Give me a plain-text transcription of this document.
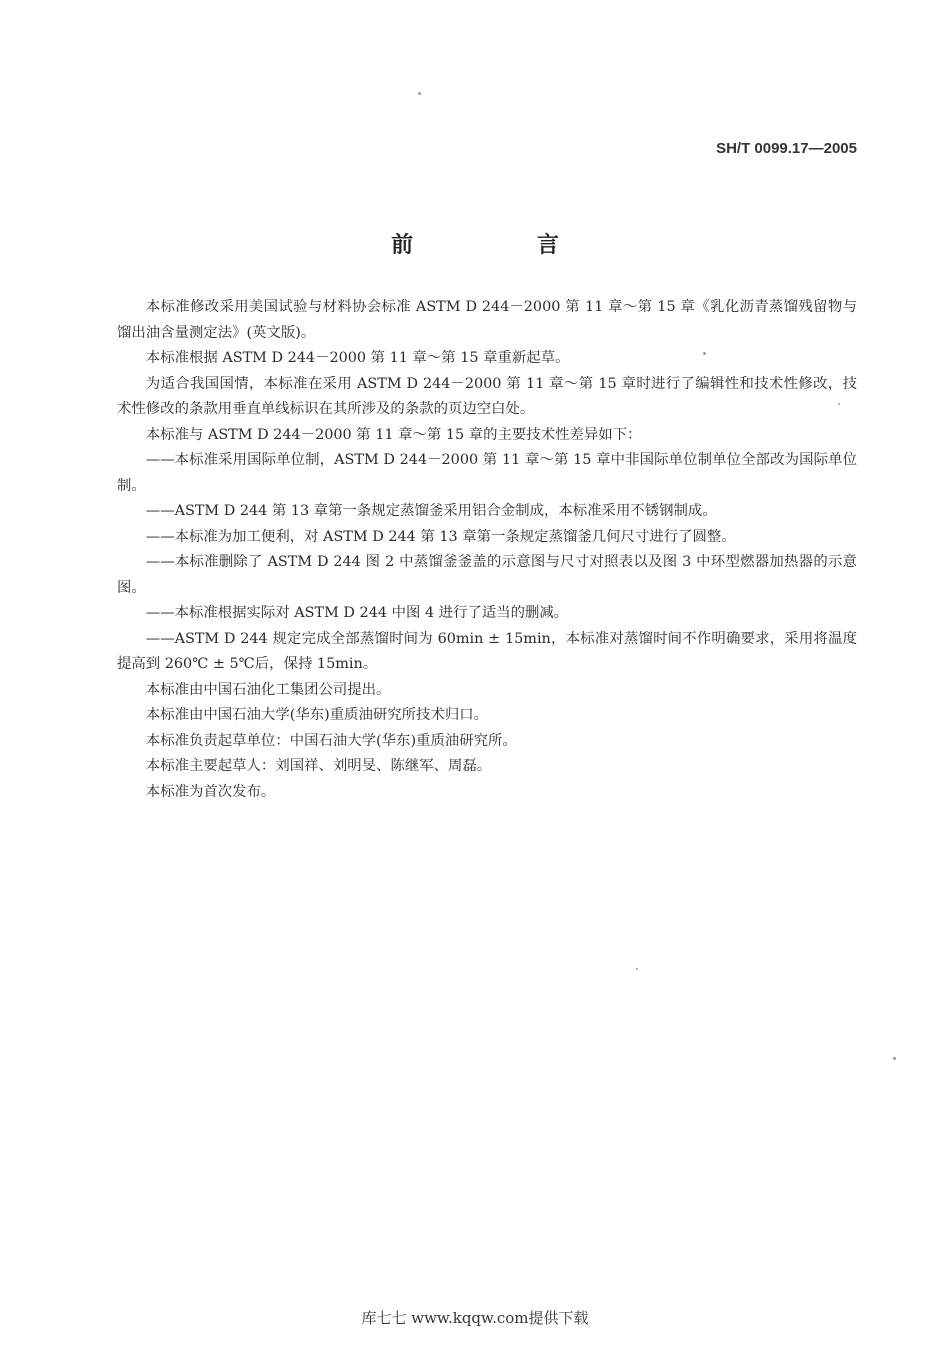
SH/T 0099.17—2005
前 言

本标准修改采用美国试验与材料协会标准 ASTM D 244－2000 第 11 章～第 15 章《乳化沥青蒸馏残留物与馏出油含量测定法》(英文版)。

本标准根据 ASTM D 244－2000 第 11 章～第 15 章重新起草。

为适合我国国情，本标准在采用 ASTM D 244－2000 第 11 章～第 15 章时进行了编辑性和技术性修改，技术性修改的条款用垂直单线标识在其所涉及的条款的页边空白处。

本标准与 ASTM D 244－2000 第 11 章～第 15 章的主要技术性差异如下：

——本标准采用国际单位制，ASTM D 244－2000 第 11 章～第 15 章中非国际单位制单位全部改为国际单位制。

——ASTM D 244 第 13 章第一条规定蒸馏釜采用铝合金制成，本标准采用不锈钢制成。

——本标准为加工便利，对 ASTM D 244 第 13 章第一条规定蒸馏釜几何尺寸进行了圆整。

——本标准删除了 ASTM D 244 图 2 中蒸馏釜釜盖的示意图与尺寸对照表以及图 3 中环型燃器加热器的示意图。

——本标准根据实际对 ASTM D 244 中图 4 进行了适当的删减。

——ASTM D 244 规定完成全部蒸馏时间为 60min ± 15min，本标准对蒸馏时间不作明确要求，采用将温度提高到 260℃ ± 5℃后，保持 15min。

本标准由中国石油化工集团公司提出。

本标准由中国石油大学(华东)重质油研究所技术归口。

本标准负责起草单位：中国石油大学(华东)重质油研究所。

本标准主要起草人：刘国祥、刘明旻、陈继军、周磊。

本标准为首次发布。

库七七 www.kqqw.com提供下载
